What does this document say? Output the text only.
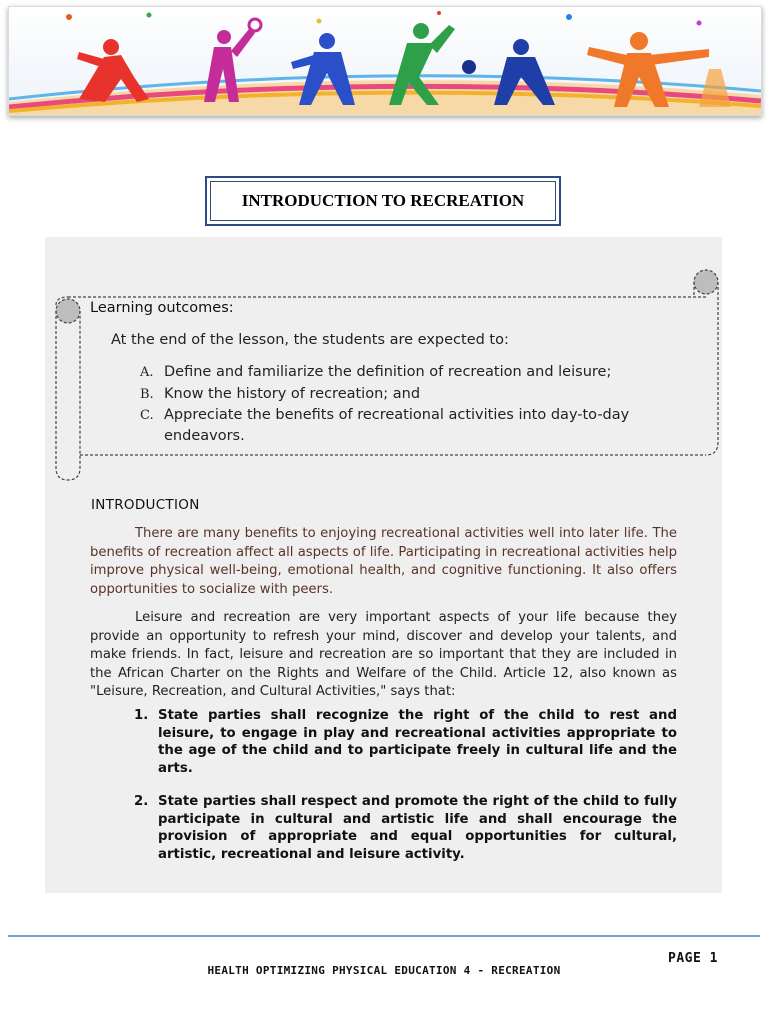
INTRODUCTION TO RECREATION
Learning outcomes:
At the end of the lesson, the students are expected to:
A. Define and familiarize the definition of recreation and leisure;
B. Know the history of recreation; and
C. Appreciate the benefits of recreational activities into day-to-day endeavors.
INTRODUCTION

There are many benefits to enjoying recreational activities well into later life. The benefits of recreation affect all aspects of life. Participating in recreational activities help improve physical well-being, emotional health, and cognitive functioning. It also offers opportunities to socialize with peers.

Leisure and recreation are very important aspects of your life because they provide an opportunity to refresh your mind, discover and develop your talents, and make friends. In fact, leisure and recreation are so important that they are included in the African Charter on the Rights and Welfare of the Child. Article 12, also known as "Leisure, Recreation, and Cultural Activities," says that:

1. State parties shall recognize the right of the child to rest and leisure, to engage in play and recreational activities appropriate to the age of the child and to participate freely in cultural life and the arts.
2. State parties shall respect and promote the right of the child to fully participate in cultural and artistic life and shall encourage the provision of appropriate and equal opportunities for cultural, artistic, recreational and leisure activity.
PAGE 1
HEALTH OPTIMIZING PHYSICAL EDUCATION 4 - RECREATION
